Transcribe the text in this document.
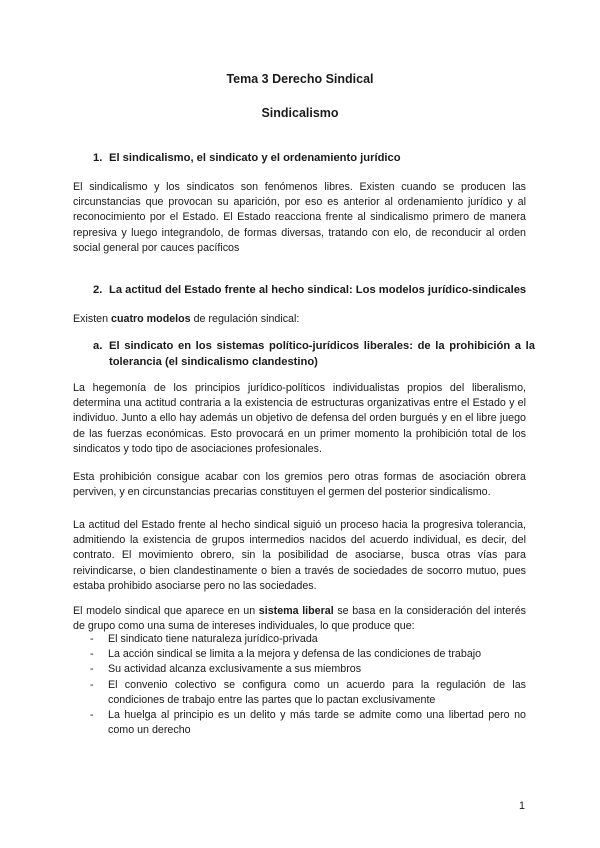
Tema 3 Derecho Sindical
Sindicalismo
1. El sindicalismo, el sindicato y el ordenamiento jurídico
El sindicalismo y los sindicatos son fenómenos libres. Existen cuando se producen las circunstancias que provocan su aparición, por eso es anterior al ordenamiento jurídico y al reconocimiento por el Estado. El Estado reacciona frente al sindicalismo primero de manera represiva y luego integrandolo, de formas diversas, tratando con elo, de reconducir al orden social general por cauces pacíficos
2. La actitud del Estado frente al hecho sindical: Los modelos jurídico-sindicales
Existen cuatro modelos de regulación sindical:
a. El sindicato en los sistemas político-jurídicos liberales: de la prohibición a la tolerancia (el sindicalismo clandestino)
La hegemonía de los principios jurídico-políticos individualistas propios del liberalismo, determina una actitud contraria a la existencia de estructuras organizativas entre el Estado y el individuo. Junto a ello hay además un objetivo de defensa del orden burgués y en el libre juego de las fuerzas económicas. Esto provocará en un primer momento la prohibición total de los sindicatos y todo tipo de asociaciones profesionales.
Esta prohibición consigue acabar con los gremios pero otras formas de asociación obrera perviven, y en circunstancias precarias constituyen el germen del posterior sindicalismo.
La actitud del Estado frente al hecho sindical siguió un proceso hacia la progresiva tolerancia, admitiendo la existencia de grupos intermedios nacidos del acuerdo individual, es decir, del contrato. El movimiento obrero, sin la posibilidad de asociarse, busca otras vías para reivindicarse, o bien clandestinamente o bien a través de sociedades de socorro mutuo, pues estaba prohibido asociarse pero no las sociedades.
El modelo sindical que aparece en un sistema liberal se basa en la consideración del interés de grupo como una suma de intereses individuales, lo que produce que:
- El sindicato tiene naturaleza jurídico-privada
- La acción sindical se limita a la mejora y defensa de las condiciones de trabajo
- Su actividad alcanza exclusivamente a sus miembros
- El convenio colectivo se configura como un acuerdo para la regulación de las condiciones de trabajo entre las partes que lo pactan exclusivamente
- La huelga al principio es un delito y más tarde se admite como una libertad pero no como un derecho
1
